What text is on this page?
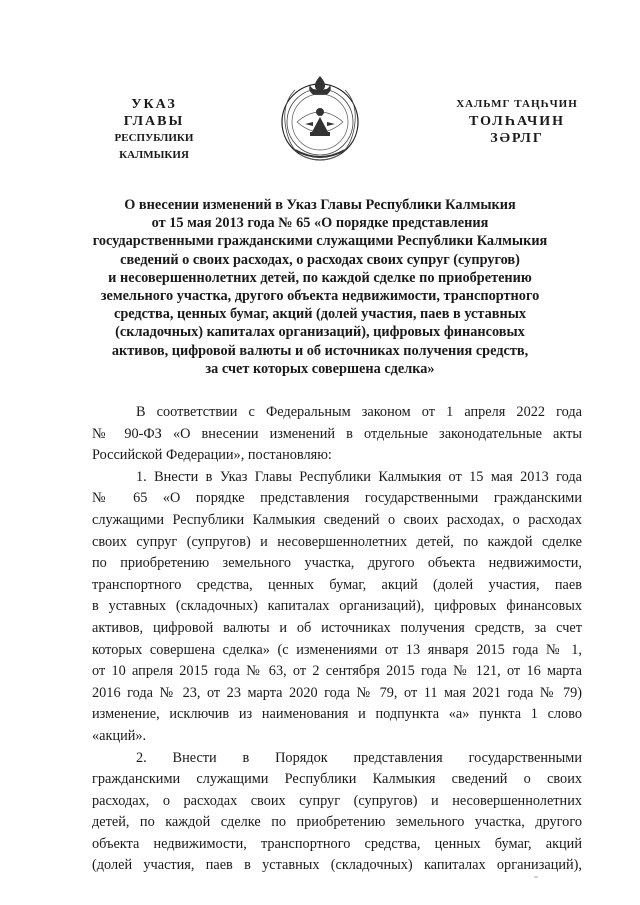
УКАЗ
ГЛАВЫ
РЕСПУБЛИКИ КАЛМЫКИЯ
ХАЛЬМГ ТАҢҺЧИН
ТОЛҺАЧИН
ЗӘРЛГ
О внесении изменений в Указ Главы Республики Калмыкия
от 15 мая 2013 года № 65 «О порядке представления
государственными гражданскими служащими Республики Калмыкия
сведений о своих расходах, о расходах своих супруг (супругов)
и несовершеннолетних детей, по каждой сделке по приобретению
земельного участка, другого объекта недвижимости, транспортного
средства, ценных бумаг, акций (долей участия, паев в уставных
(складочных) капиталах организаций), цифровых финансовых
активов, цифровой валюты и об источниках получения средств,
за счет которых совершена сделка»
В соответствии с Федеральным законом от 1 апреля 2022 года
№ 90-ФЗ «О внесении изменений в отдельные законодательные акты
Российской Федерации», постановляю:
1. Внести в Указ Главы Республики Калмыкия от 15 мая 2013 года
№ 65 «О порядке представления государственными гражданскими
служащими Республики Калмыкия сведений о своих расходах, о расходах
своих супруг (супругов) и несовершеннолетних детей, по каждой сделке
по приобретению земельного участка, другого объекта недвижимости,
транспортного средства, ценных бумаг, акций (долей участия, паев
в уставных (складочных) капиталах организаций), цифровых финансовых
активов, цифровой валюты и об источниках получения средств, за счет
которых совершена сделка» (с изменениями от 13 января 2015 года № 1,
от 10 апреля 2015 года № 63, от 2 сентября 2015 года № 121, от 16 марта
2016 года № 23, от 23 марта 2020 года № 79, от 11 мая 2021 года № 79)
изменение, исключив из наименования и подпункта «а» пункта 1 слово
«акций».
2. Внести в Порядок представления государственными
гражданскими служащими Республики Калмыкия сведений о своих
расходах, о расходах своих супруг (супругов) и несовершеннолетних
детей, по каждой сделке по приобретению земельного участка, другого
объекта недвижимости, транспортного средства, ценных бумаг, акций
(долей участия, паев в уставных (складочных) капиталах организаций),
